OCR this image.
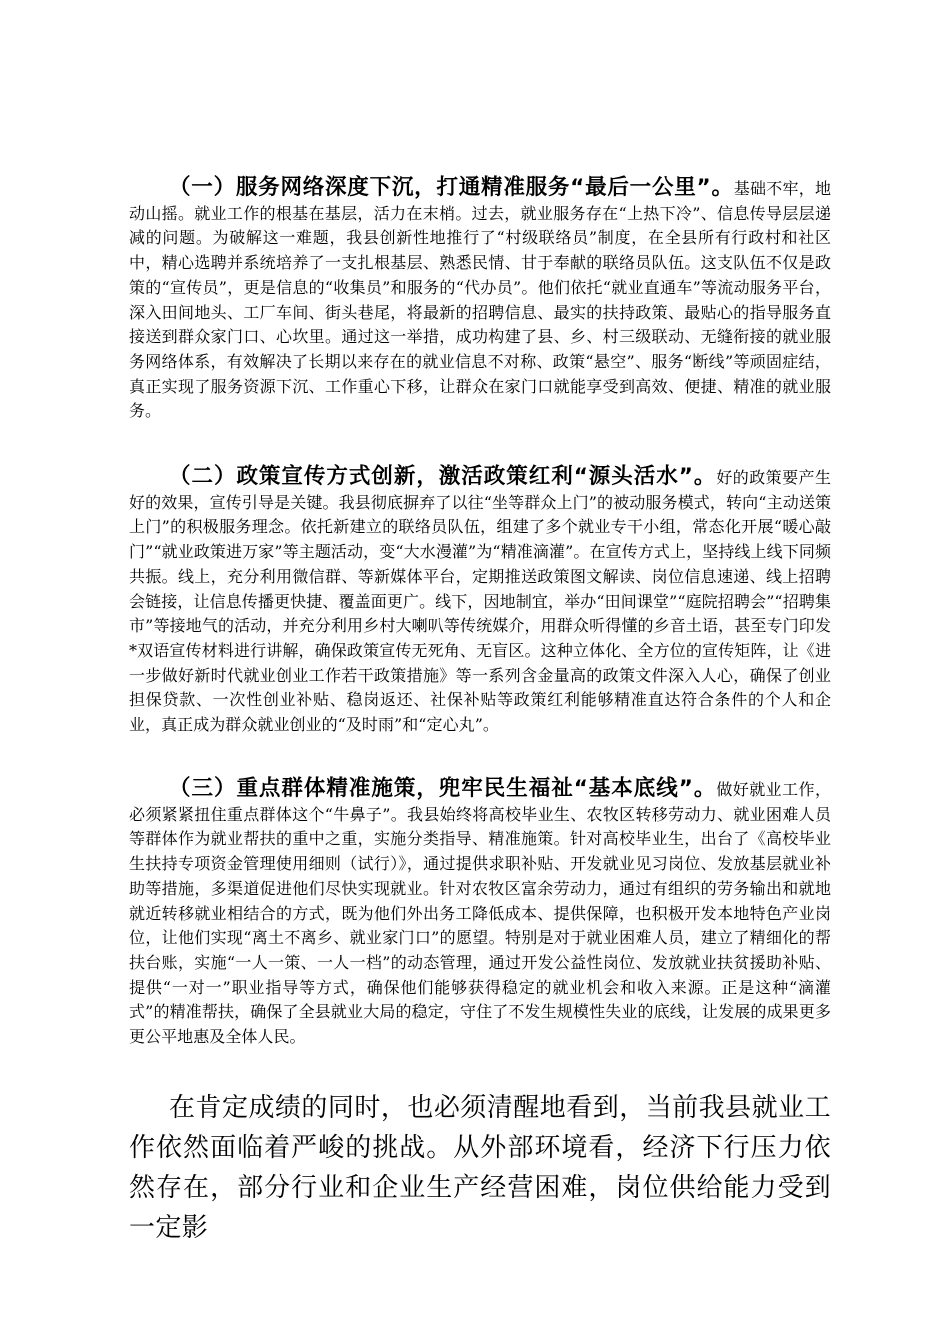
（一）服务网络深度下沉，打通精准服务“最后一公里”。基础不牢，地动山摇。就业工作的根基在基层，活力在末梢。过去，就业服务存在“上热下冷”、信息传导层层递减的问题。为破解这一难题，我县创新性地推行了“村级联络员”制度，在全县所有行政村和社区中，精心选聘并系统培养了一支扎根基层、熟悉民情、甘于奉献的联络员队伍。这支队伍不仅是政策的“宣传员”，更是信息的“收集员”和服务的“代办员”。他们依托“就业直通车”等流动服务平台，深入田间地头、工厂车间、街头巷尾，将最新的招聘信息、最实的扶持政策、最贴心的指导服务直接送到群众家门口、心坎里。通过这一举措，成功构建了县、乡、村三级联动、无缝衔接的就业服务网络体系，有效解决了长期以来存在的就业信息不对称、政策“悬空”、服务“断线”等顽固症结，真正实现了服务资源下沉、工作重心下移，让群众在家门口就能享受到高效、便捷、精准的就业服务。

（二）政策宣传方式创新，激活政策红利“源头活水”。好的政策要产生好的效果，宣传引导是关键。我县彻底摒弃了以往“坐等群众上门”的被动服务模式，转向“主动送策上门”的积极服务理念。依托新建立的联络员队伍，组建了多个就业专干小组，常态化开展“暖心敲门”“就业政策进万家”等主题活动，变“大水漫灌”为“精准滴灌”。在宣传方式上，坚持线上线下同频共振。线上，充分利用微信群、等新媒体平台，定期推送政策图文解读、岗位信息速递、线上招聘会链接，让信息传播更快捷、覆盖面更广。线下，因地制宜，举办“田间课堂”“庭院招聘会”“招聘集市”等接地气的活动，并充分利用乡村大喇叭等传统媒介，用群众听得懂的乡音土语，甚至专门印发*双语宣传材料进行讲解，确保政策宣传无死角、无盲区。这种立体化、全方位的宣传矩阵，让《进一步做好新时代就业创业工作若干政策措施》等一系列含金量高的政策文件深入人心，确保了创业担保贷款、一次性创业补贴、稳岗返还、社保补贴等政策红利能够精准直达符合条件的个人和企业，真正成为群众就业创业的“及时雨”和“定心丸”。

（三）重点群体精准施策，兜牢民生福祉“基本底线”。做好就业工作，必须紧紧扭住重点群体这个“牛鼻子”。我县始终将高校毕业生、农牧区转移劳动力、就业困难人员等群体作为就业帮扶的重中之重，实施分类指导、精准施策。针对高校毕业生，出台了《高校毕业生扶持专项资金管理使用细则（试行）》，通过提供求职补贴、开发就业见习岗位、发放基层就业补助等措施，多渠道促进他们尽快实现就业。针对农牧区富余劳动力，通过有组织的劳务输出和就地就近转移就业相结合的方式，既为他们外出务工降低成本、提供保障，也积极开发本地特色产业岗位，让他们实现“离土不离乡、就业家门口”的愿望。特别是对于就业困难人员，建立了精细化的帮扶台账，实施“一人一策、一人一档”的动态管理，通过开发公益性岗位、发放就业扶贫援助补贴、提供“一对一”职业指导等方式，确保他们能够获得稳定的就业机会和收入来源。正是这种“滴灌式”的精准帮扶，确保了全县就业大局的稳定，守住了不发生规模性失业的底线，让发展的成果更多更公平地惠及全体人民。

在肯定成绩的同时，也必须清醒地看到，当前我县就业工作依然面临着严峻的挑战。从外部环境看，经济下行压力依然存在，部分行业和企业生产经营困难，岗位供给能力受到一定影
